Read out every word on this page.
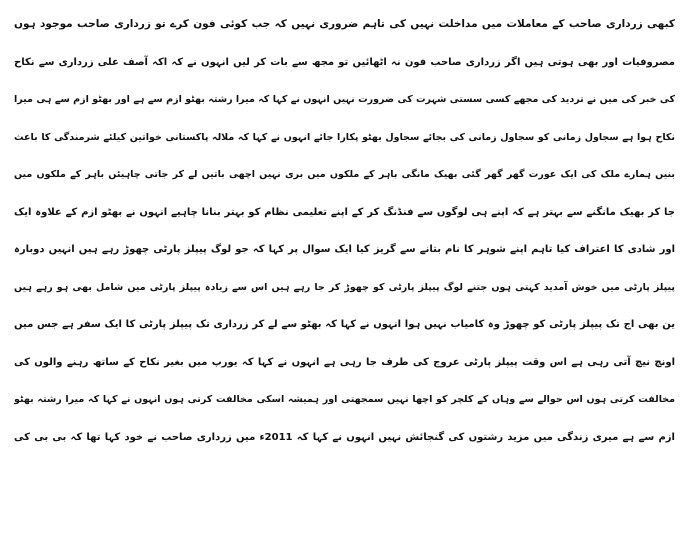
کبھی زرداری صاحب کے معاملات میں مداخلت نہیں کی تاہم ضروری نہیں کہ جب کوئی فون کرے تو زرداری صاحب موجود ہوں
مصروفیات اور بھی ہوتی ہیں اگر زرداری صاحب فون نہ اٹھائیں تو مجھ سے بات کر لیں انہوں نے کہ اکہ آصف علی زرداری سے نکاح
کی خبر کی میں نے تردید کی مجھے کسی سستی شہرت کی ضرورت نہیں انہوں نے کہا کہ میرا رشتہ بھٹو ازم سے ہے اور بھٹو ازم سے ہی میرا
نکاح ہوا ہے سجاول زمانی کو سجاول زمانی کی بجائے سجاول بھٹو پکارا جائے انہوں نے کہا کہ ملالہ پاکستانی خواتین کیلئے شرمندگی کا باعث
بنیں ہمارے ملک کی ایک عورت گھر گھر گئی بھیک مانگی باہر کے ملکوں میں بری نہیں اچھی باتیں لے کر جاتی چاہیئں باہر کے ملکوں میں
جا کر بھیک مانگنے سے بہتر ہے کہ اپنے ہی لوگوں سے فنڈنگ کر کے اپنے تعلیمی نظام کو بہتر بنانا چاہیے انہوں نے بھٹو ازم کے علاوہ ایک
اور شادی کا اعتراف کیا تاہم اپنے شوہر کا نام بتانے سے گریز کیا ایک سوال پر کہا کہ جو لوگ پیپلز پارٹی چھوڑ رہے ہیں انہیں دوبارہ
پیپلز پارٹی میں خوش آمدید کہتی ہوں جتنے لوگ پیپلز پارٹی کو چھوڑ کر جا رہے ہیں اس سے زیادہ پیپلز پارٹی میں شامل بھی ہو رہے ہیں
ین بھی اج تک پیپلز پارٹی کو چھوڑ وہ کامیاب نہیں ہوا انہوں نے کہا کہ بھٹو سے لے کر زرداری تک پیپلز پارٹی کا ایک سفر ہے جس میں
اونچ نیچ آتی رہی ہے اس وقت پیپلز پارٹی عروج کی طرف جا رہی ہے انہوں نے کہا کہ یورپ میں بغیر نکاح کے ساتھ رہنے والوں کی
مخالفت کرتی ہوں اس حوالے سے وہاں کے کلچر کو اچھا نہیں سمجھتی اور ہمیشہ اسکی مخالفت کرتی ہوں انہوں نے کہا کہ میرا رشتہ بھٹو
ازم سے ہے میری زندگی میں مزید رشتوں کی گنجائش نہیں انہوں نے کہا کہ 2011ء میں زرداری صاحب نے خود کہا تھا کہ بی بی کی
